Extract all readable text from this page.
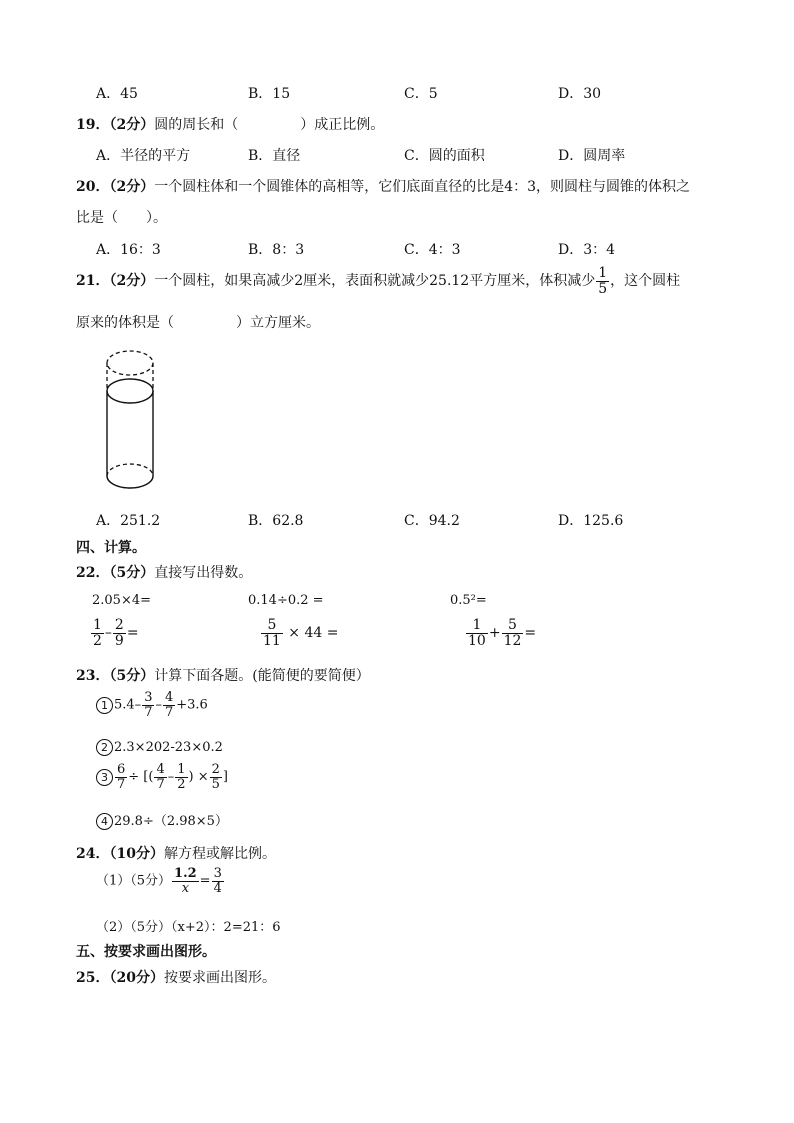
A．45	B．15	C．5	D．30
19．（2分）圆的周长和（	）成正比例。
A．半径的平方	B．直径	C．圆的面积	D．圆周率
20．（2分）一个圆柱体和一个圆锥体的高相等，它们底面直径的比是4：3，则圆柱与圆锥的体积之
比是（　　）。
A．16：3	B．8：3	C．4：3	D．3：4
21．（2分）一个圆柱，如果高减少2厘米，表面积就减少25.12平方厘米，体积减少 $\frac{1}{5}$ ，这个圆柱
原来的体积是（	）立方厘米。
A．251.2	B．62.8	C．94.2	D．125.6
四、计算。
22．（5分）直接写出得数。
2.05×4=	0.14÷0.2 =	0.5²=
$\frac{1}{2} - \frac{2}{9}$ =	$\frac{5}{11} \times 44$ =	$\frac{1}{10} + \frac{5}{12}$ =
23．（5分）计算下面各题。(能简便的要简便）
1 $5.4- \frac{3}{7} - \frac{4}{7} +3.6$
2 2.3×202-23×0.2
$3 \frac{6}{7}$ ÷ [( $\frac{4}{7} - \frac{1}{2}$ ) × $\frac{2}{5}$ ]
4 29.8÷（2.98×5）
24．（10分）解方程或解比例。
（1）（5分） $\frac{1.2}{x} = \frac{3}{4}$
（2）（5分）（x+2）：2=21：6
五、按要求画出图形。
25．（20分）按要求画出图形。
